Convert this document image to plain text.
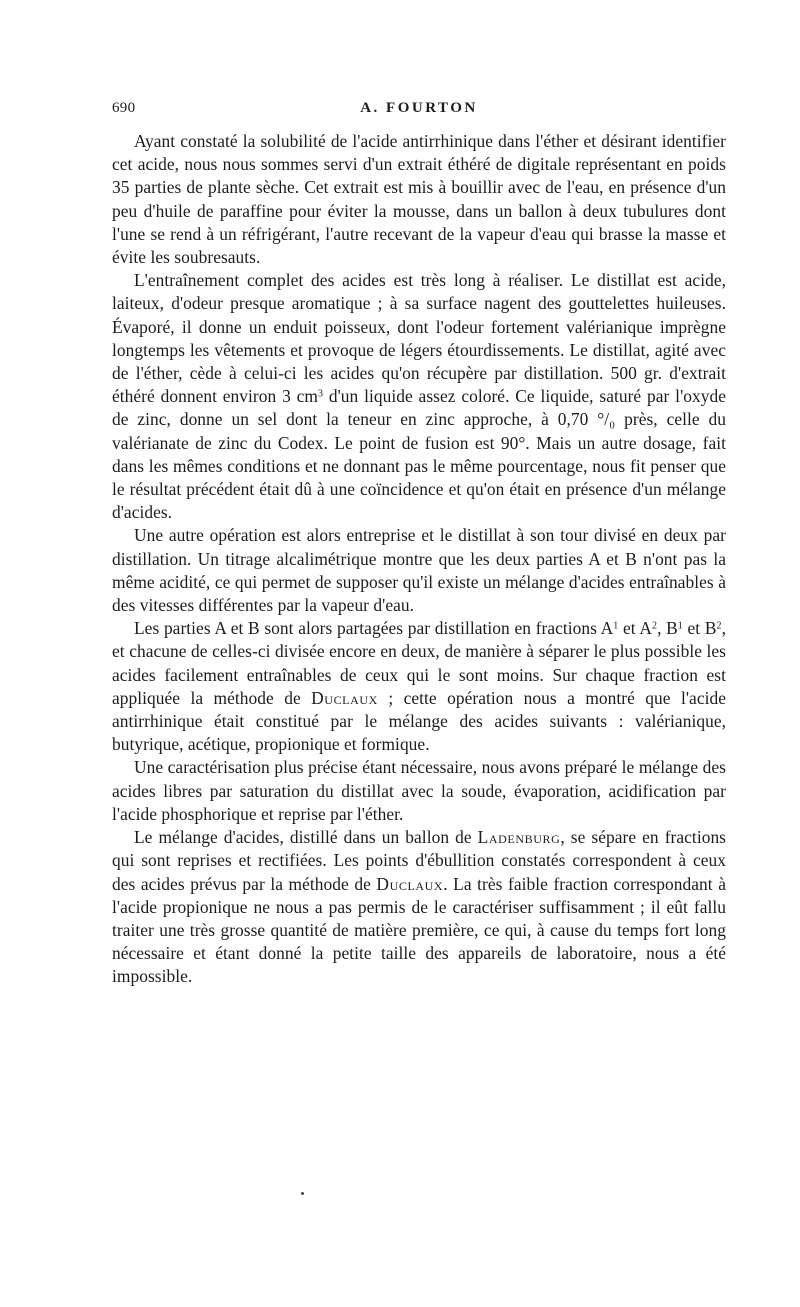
690	A. FOURTON

Ayant constaté la solubilité de l'acide antirrhinique dans l'éther et désirant identifier cet acide, nous nous sommes servi d'un extrait éthéré de digitale représentant en poids 35 parties de plante sèche. Cet extrait est mis à bouillir avec de l'eau, en présence d'un peu d'huile de paraffine pour éviter la mousse, dans un ballon à deux tubulures dont l'une se rend à un réfrigérant, l'autre recevant de la vapeur d'eau qui brasse la masse et évite les soubresauts.

L'entraînement complet des acides est très long à réaliser. Le distillat est acide, laiteux, d'odeur presque aromatique ; à sa surface nagent des gouttelettes huileuses. Évaporé, il donne un enduit poisseux, dont l'odeur fortement valérianique imprègne longtemps les vêtements et provoque de légers étourdissements. Le distillat, agité avec de l'éther, cède à celui-ci les acides qu'on récupère par distillation. 500 gr. d'extrait éthéré donnent environ 3 $cm^3$ d'un liquide assez coloré. Ce liquide, saturé par l'oxyde de zinc, donne un sel dont la teneur en zinc approche, à 0,70 °/₀ près, celle du valérianate de zinc du Codex. Le point de fusion est 90°. Mais un autre dosage, fait dans les mêmes conditions et ne donnant pas le même pourcentage, nous fit penser que le résultat précédent était dû à une coïncidence et qu'on était en présence d'un mélange d'acides.

Une autre opération est alors entreprise et le distillat à son tour divisé en deux par distillation. Un titrage alcalimétrique montre que les deux parties A et B n'ont pas la même acidité, ce qui permet de supposer qu'il existe un mélange d'acides entraînables à des vitesses différentes par la vapeur d'eau.

Les parties A et B sont alors partagées par distillation en fractions $A^1$ et $A^2$, $B^1$ et $B^2$, et chacune de celles-ci divisée encore en deux, de manière à séparer le plus possible les acides facilement entraînables de ceux qui le sont moins. Sur chaque fraction est appliquée la méthode de Duclaux ; cette opération nous a montré que l'acide antirrhinique était constitué par le mélange des acides suivants : valérianique, butyrique, acétique, propionique et formique.

Une caractérisation plus précise étant nécessaire, nous avons préparé le mélange des acides libres par saturation du distillat avec la soude, évaporation, acidification par l'acide phosphorique et reprise par l'éther.

Le mélange d'acides, distillé dans un ballon de Ladenburg, se sépare en fractions qui sont reprises et rectifiées. Les points d'ébullition constatés correspondent à ceux des acides prévus par la méthode de Duclaux. La très faible fraction correspondant à l'acide propionique ne nous a pas permis de le caractériser suffisamment ; il eût fallu traiter une très grosse quantité de matière première, ce qui, à cause du temps fort long nécessaire et étant donné la petite taille des appareils de laboratoire, nous a été impossible.
